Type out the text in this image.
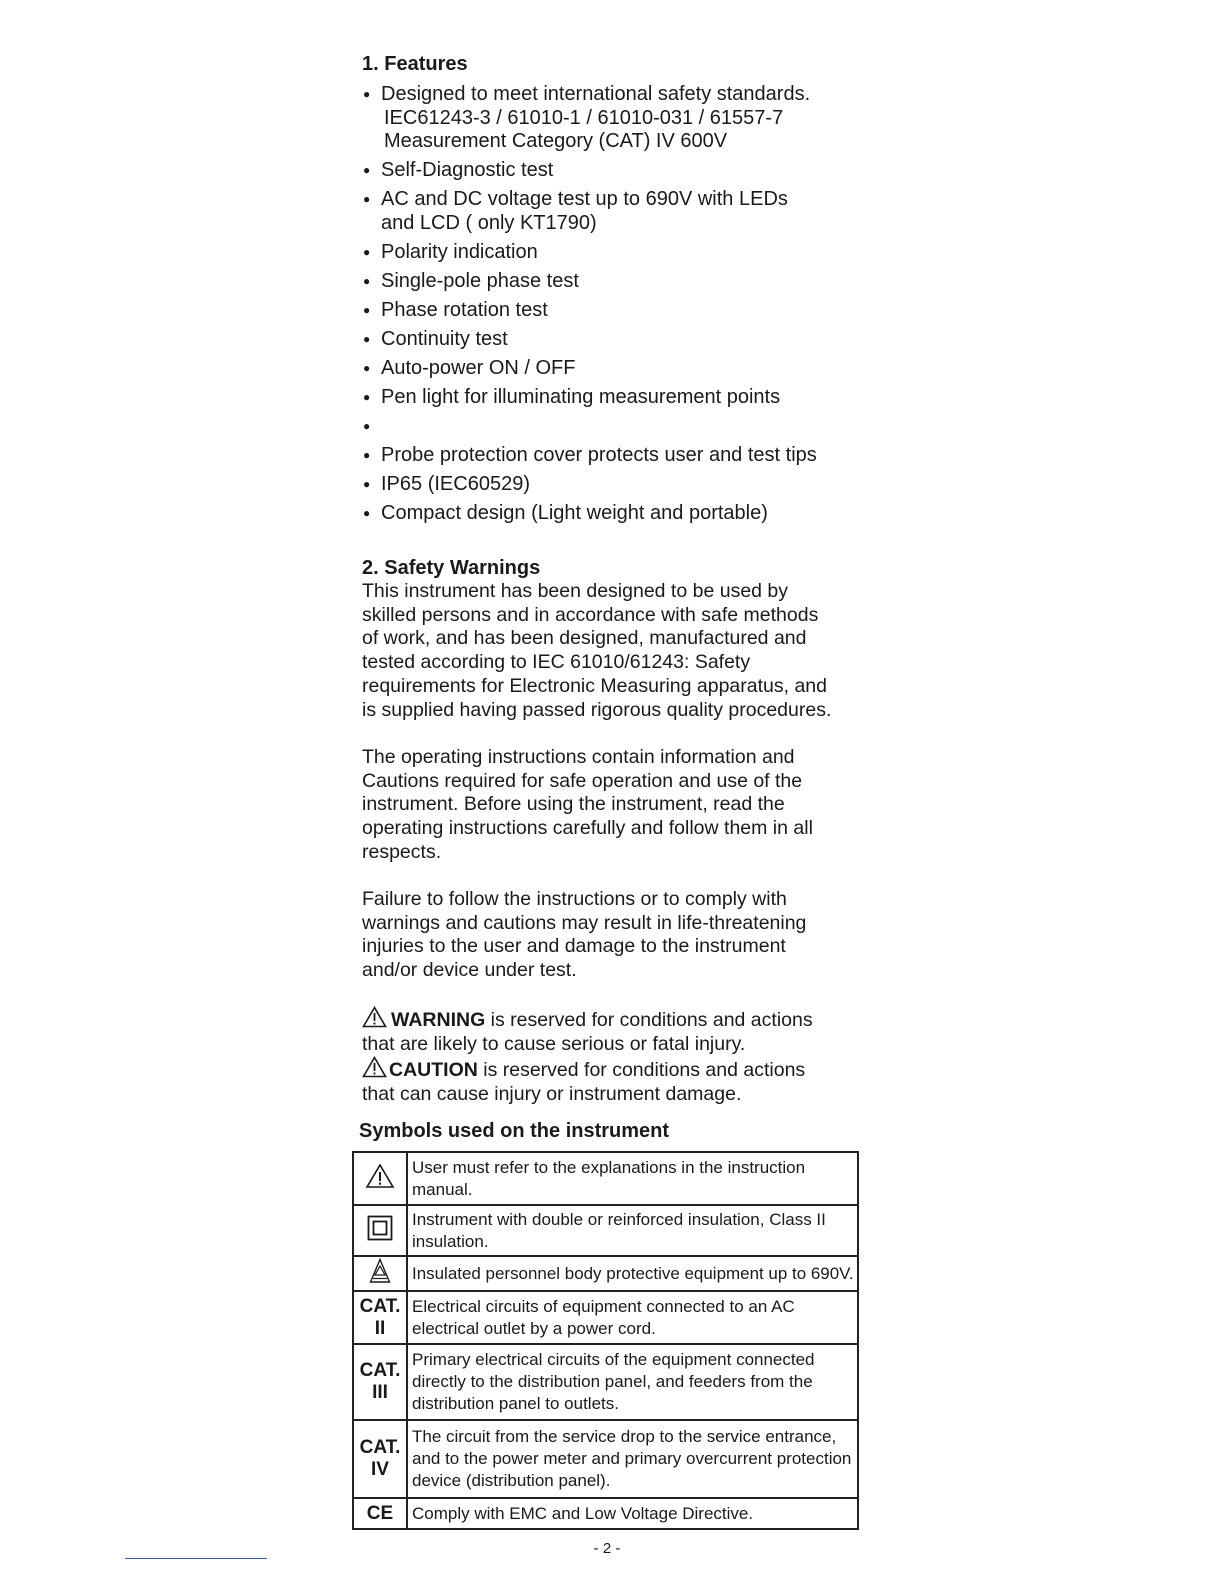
1. Features
● Designed to meet international safety standards.
IEC61243-3 / 61010-1 / 61010-031 / 61557-7
Measurement Category (CAT) IV 600V
● Self-Diagnostic test
● AC and DC voltage test up to 690V with LEDs
and LCD ( only KT1790)
● Polarity indication
● Single-pole phase test
● Phase rotation test
● Continuity test
● Auto-power ON / OFF
● Pen light for illuminating measurement points
●
● Probe protection cover protects user and test tips
● IP65 (IEC60529)
● Compact design (Light weight and portable)
2. Safety Warnings

This instrument has been designed to be used by
skilled persons and in accordance with safe methods
of work, and has been designed, manufactured and
tested according to IEC 61010/61243: Safety
requirements for Electronic Measuring apparatus, and
is supplied having passed rigorous quality procedures.

The operating instructions contain information and
Cautions required for safe operation and use of the
instrument. Before using the instrument, read the
operating instructions carefully and follow them in all
respects.

Failure to follow the instructions or to comply with
warnings and cautions may result in life-threatening
injuries to the user and damage to the instrument
and/or device under test.

WARNING is reserved for conditions and actions
that are likely to cause serious or fatal injury.
CAUTION is reserved for conditions and actions
that can cause injury or instrument damage.
Symbols used on the instrument
	User must refer to the explanations in the instruction
manual.
	Instrument with double or reinforced insulation, Class II
insulation.
	Insulated personnel body protective equipment up to 690V.
CAT. II	Electrical circuits of equipment connected to an AC
electrical outlet by a power cord.
CAT. III	Primary electrical circuits of the equipment connected
directly to the distribution panel, and feeders from the
distribution panel to outlets.
CAT. IV	The circuit from the service drop to the service entrance,
and to the power meter and primary overcurrent protection
device (distribution panel).
CE	Comply with EMC and Low Voltage Directive.
- 2 -
